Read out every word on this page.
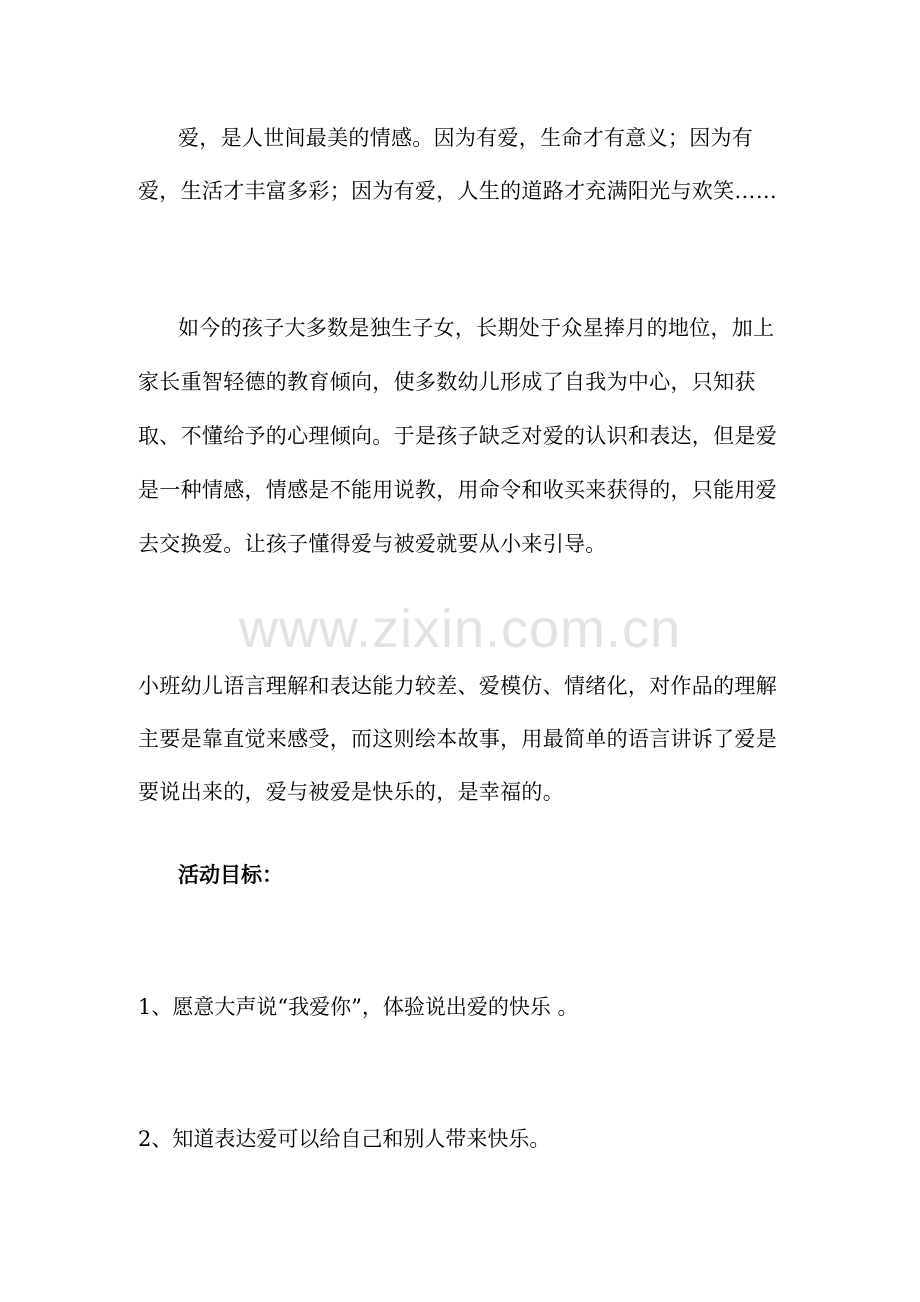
www.zixin.com.cn

爱，是人世间最美的情感。因为有爱，生命才有意义；因为有爱，生活才丰富多彩；因为有爱，人生的道路才充满阳光与欢笑……

如今的孩子大多数是独生子女，长期处于众星捧月的地位，加上家长重智轻德的教育倾向，使多数幼儿形成了自我为中心，只知获取、不懂给予的心理倾向。于是孩子缺乏对爱的认识和表达，但是爱是一种情感，情感是不能用说教，用命令和收买来获得的，只能用爱去交换爱。让孩子懂得爱与被爱就要从小来引导。

小班幼儿语言理解和表达能力较差、爱模仿、情绪化，对作品的理解主要是靠直觉来感受，而这则绘本故事，用最简单的语言讲诉了爱是要说出来的，爱与被爱是快乐的，是幸福的。

活动目标：

1、愿意大声说“我爱你”，体验说出爱的快乐 。

2、知道表达爱可以给自己和别人带来快乐。
